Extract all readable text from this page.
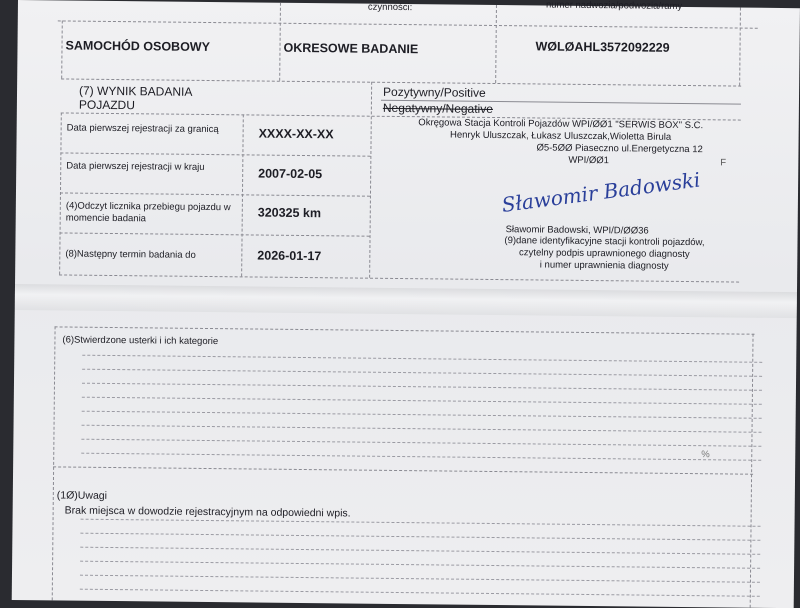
czynności:	numer nadwozia/podwozia/ramy
SAMOCHÓD OSOBOWY	OKRESOWE BADANIE	WØLØAHL3572092229
(7) WYNIK BADANIA POJAZDU
Pozytywny/Positive
Negatywny/Negative
Data pierwszej rejestracji za granicą	XXXX-XX-XX
Data pierwszej rejestracji w kraju	2007-02-05
(4)Odczyt licznika przebiegu pojazdu w momencie badania	320325 km
(8)Następny termin badania do	2026-01-17
Okręgowa Stacja Kontroli Pojazdów WPI/ØØ1 "SERWIS BOX" S.C.
Henryk Uluszczak, Łukasz Uluszczak,Wioletta Birula
Ø5-5ØØ Piaseczno ul.Energetyczna 12
WPI/ØØ1	F
Sławomir Badowski
Sławomir Badowski, WPI/D/ØØ36
(9)dane identyfikacyjne stacji kontroli pojazdów,
czytelny podpis uprawnionego diagnosty
i numer uprawnienia diagnosty
(6)Stwierdzone usterki i ich kategorie
%
(1Ø)Uwagi
Brak miejsca w dowodzie rejestracyjnym na odpowiedni wpis.
